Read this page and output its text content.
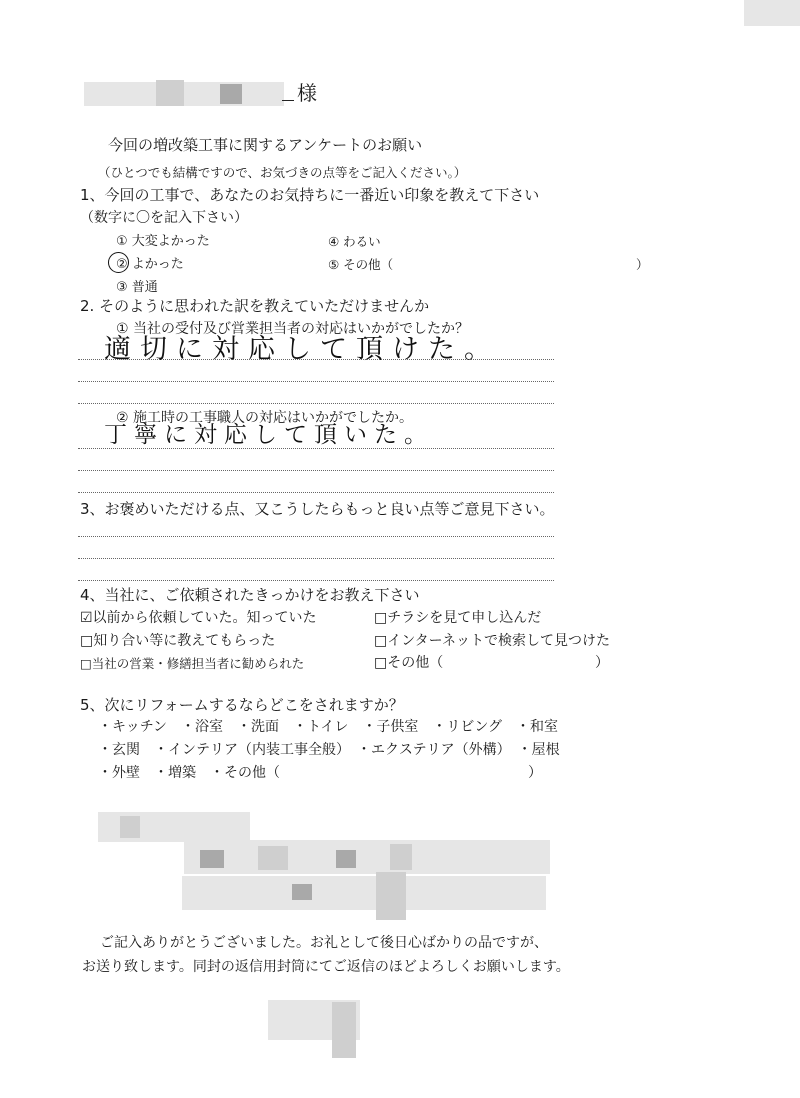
様
今回の増改築工事に関するアンケートのお願い
（ひとつでも結構ですので、お気づきの点等をご記入ください。）
1、今回の工事で、あなたのお気持ちに一番近い印象を教えて下さい
（数字に〇を記入下さい）
① 大変よかった
② よかった
③ 普通
④ わるい
⑤ その他（	）
2. そのように思われた訳を教えていただけませんか
① 当社の受付及び営業担当者の対応はいかがでしたか？
適切に対応して頂けた。
② 施工時の工事職人の対応はいかがでしたか。
丁寧に対応して頂いた。
3、お褒めいただける点、又こうしたらもっと良い点等ご意見下さい。
4、当社に、ご依頼されたきっかけをお教え下さい
☑以前から依頼していた。知っていた	□チラシを見て申し込んだ
□知り合い等に教えてもらった	□インターネットで検索して見つけた
□当社の営業・修繕担当者に勧められた	□その他（	）
5、次にリフォームするならどこをされますか？
・キッチン　・浴室　・洗面　・トイレ　・子供室　・リビング　・和室
・玄関　・インテリア（内装工事全般）　・エクステリア（外構）　・屋根
・外壁　・増築　・その他（	）
ご記入ありがとうございました。お礼として後日心ばかりの品ですが、
お送り致します。同封の返信用封筒にてご返信のほどよろしくお願いします。
